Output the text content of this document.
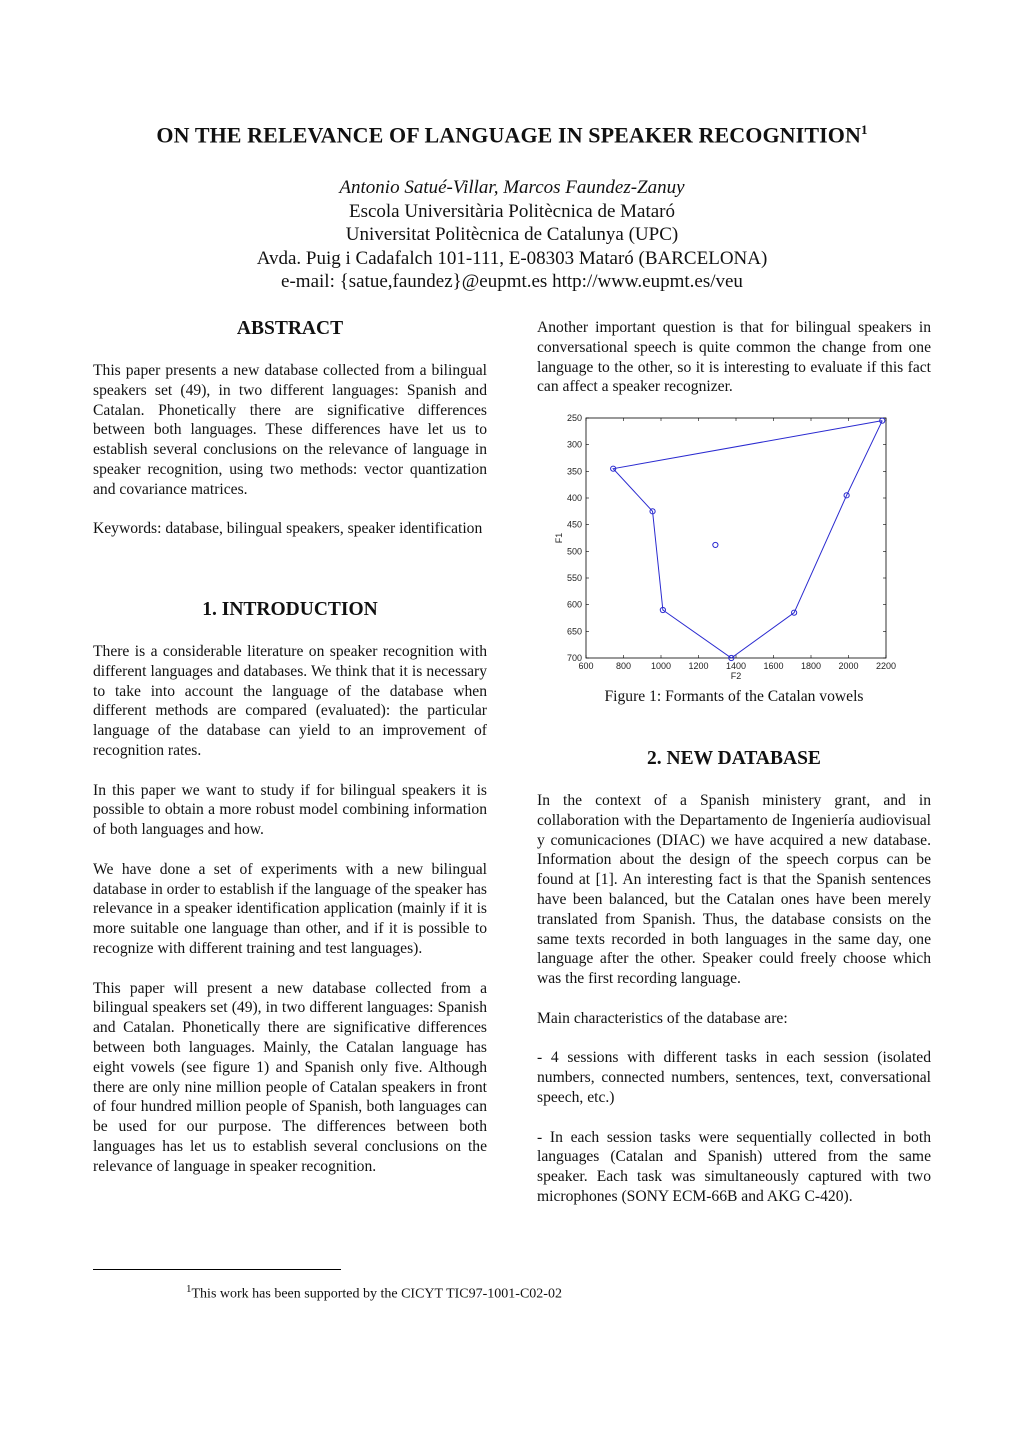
ON THE RELEVANCE OF LANGUAGE IN SPEAKER RECOGNITION$^1$
Antonio Satué-Villar, Marcos Faundez-Zanuy
Escola Universitària Politècnica de Mataró
Universitat Politècnica de Catalunya (UPC)
Avda. Puig i Cadafalch 101-111, E-08303 Mataró (BARCELONA)
e-mail: {satue,faundez}@eupmt.es http://www.eupmt.es/veu
ABSTRACT

This paper presents a new database collected from a bilingual speakers set (49), in two different languages: Spanish and Catalan. Phonetically there are significative differences between both languages. These differences have let us to establish several conclusions on the relevance of language in speaker recognition, using two methods: vector quantization and covariance matrices.

Keywords: database, bilingual speakers, speaker identification

1. INTRODUCTION

There is a considerable literature on speaker recognition with different languages and databases. We think that it is necessary to take into account the language of the database when different methods are compared (evaluated): the particular language of the database can yield to an improvement of recognition rates.

In this paper we want to study if for bilingual speakers it is possible to obtain a more robust model combining information of both languages and how.

We have done a set of experiments with a new bilingual database in order to establish if the language of the speaker has relevance in a speaker identification application (mainly if it is more suitable one language than other, and if it is possible to recognize with different training and test languages).

This paper will present a new database collected from a bilingual speakers set (49), in two different languages: Spanish and Catalan. Phonetically there are significative differences between both languages. Mainly, the Catalan language has eight vowels (see figure 1) and Spanish only five. Although there are only nine million people of Catalan speakers in front of four hundred million people of Spanish, both languages can be used for our purpose. The differences between both languages has let us to establish several conclusions on the relevance of language in speaker recognition.

Another important question is that for bilingual speakers in conversational speech is quite common the change from one language to the other, so it is interesting to evaluate if this fact can affect a speaker recognizer.

600 800 1000 1200 1400 1600 1800 2000 2200
250
300
350
400
450
500
550
600
650
700
F2
F1
Figure 1: Formants of the Catalan vowels
2. NEW DATABASE

In the context of a Spanish ministery grant, and in collaboration with the Departamento de Ingeniería audiovisual y comunicaciones (DIAC) we have acquired a new database. Information about the design of the speech corpus can be found at [1]. An interesting fact is that the Spanish sentences have been balanced, but the Catalan ones have been merely translated from Spanish. Thus, the database consists on the same texts recorded in both languages in the same day, one language after the other. Speaker could freely choose which was the first recording language.

Main characteristics of the database are:

- 4 sessions with different tasks in each session (isolated numbers, connected numbers, sentences, text, conversational speech, etc.)

- In each session tasks were sequentially collected in both languages (Catalan and Spanish) uttered from the same speaker. Each task was simultaneously captured with two microphones (SONY ECM-66B and AKG C-420).

$^1$This work has been supported by the CICYT TIC97-1001-C02-02
